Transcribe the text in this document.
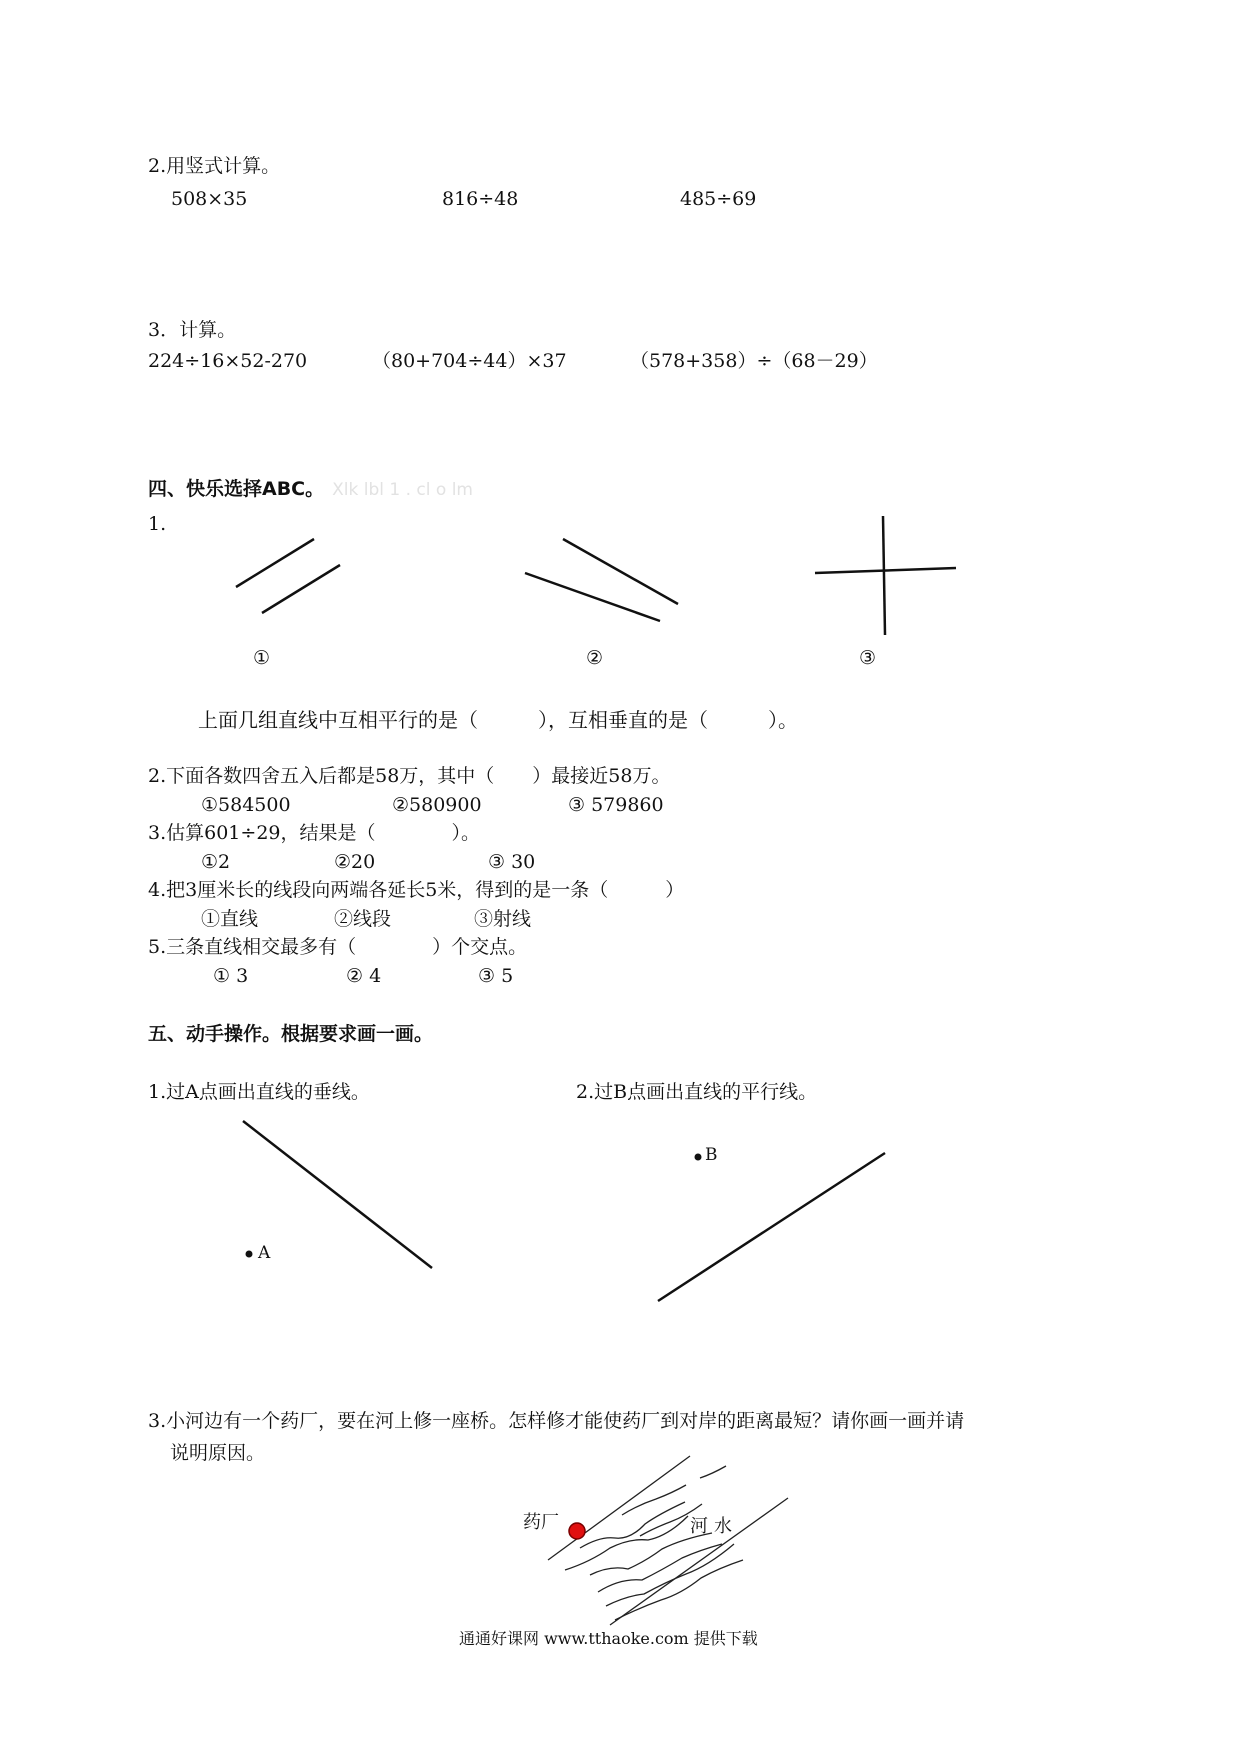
2.用竖式计算。
508×35	816÷48	485÷69
3．计算。
224÷16×52-270	（80+704÷44）×37	（578+358）÷（68－29）
四、快乐选择ABC。 Xlk lbl 1 . cl o lm
1.
①	②	③
上面几组直线中互相平行的是（　　　），互相垂直的是（　　　）。
2.下面各数四舍五入后都是58万，其中（　　）最接近58万。
①584500	②580900	③ 579860
3.估算601÷29，结果是（　　　　）。
①2	②20	③ 30
4.把3厘米长的线段向两端各延长5米，得到的是一条（　　　）
①直线	②线段	③射线
5.三条直线相交最多有（　　　　）个交点。
① 3	② 4	③ 5
五、动手操作。根据要求画一画。
1.过A点画出直线的垂线。	2.过B点画出直线的平行线。
A
B
3.小河边有一个药厂，要在河上修一座桥。怎样修才能使药厂到对岸的距离最短？请你画一画并请
说明原因。
药厂	河水
通通好课网 www.tthaoke.com 提供下载
